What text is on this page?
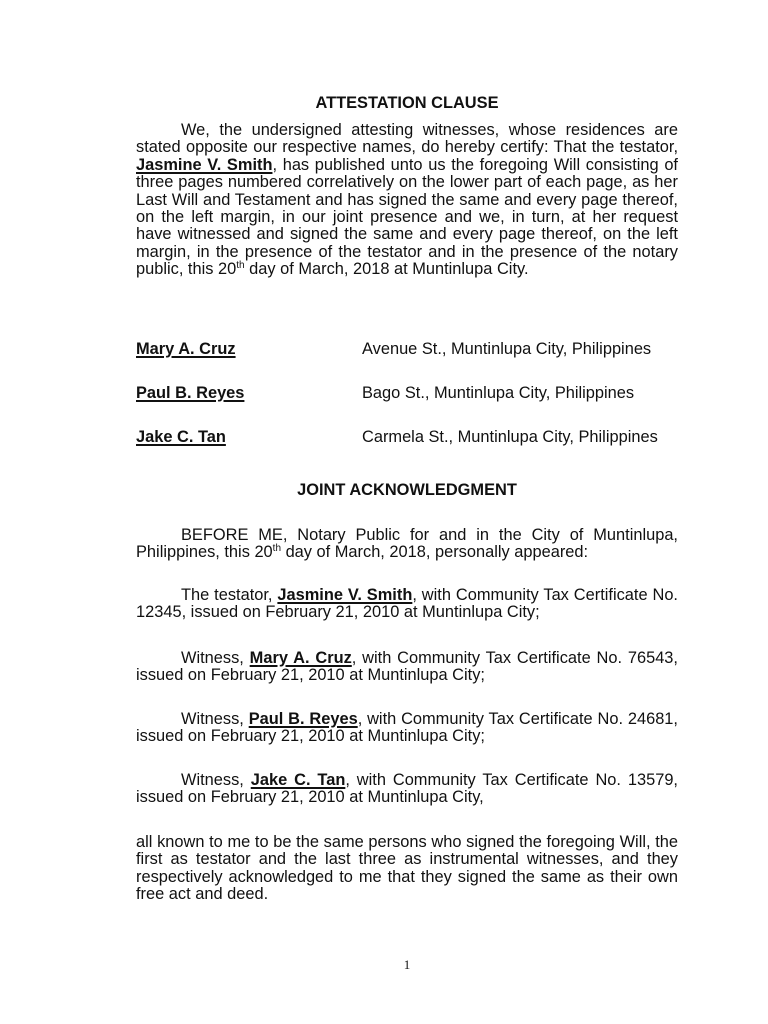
ATTESTATION CLAUSE

We, the undersigned attesting witnesses, whose residences are stated opposite our respective names, do hereby certify: That the testator, Jasmine V. Smith, has published unto us the foregoing Will consisting of three pages numbered correlatively on the lower part of each page, as her Last Will and Testament and has signed the same and every page thereof, on the left margin, in our joint presence and we, in turn, at her request have witnessed and signed the same and every page thereof, on the left margin, in the presence of the testator and in the presence of the notary public, this 20th day of March, 2018 at Muntinlupa City.

Mary A. Cruz	Avenue St., Muntinlupa City, Philippines
Paul B. Reyes	Bago St., Muntinlupa City, Philippines
Jake C. Tan	Carmela St., Muntinlupa City, Philippines
JOINT ACKNOWLEDGMENT

BEFORE ME, Notary Public for and in the City of Muntinlupa, Philippines, this 20th day of March, 2018, personally appeared:

The testator, Jasmine V. Smith, with Community Tax Certificate No. 12345, issued on February 21, 2010 at Muntinlupa City;

Witness, Mary A. Cruz, with Community Tax Certificate No. 76543, issued on February 21, 2010 at Muntinlupa City;

Witness, Paul B. Reyes, with Community Tax Certificate No. 24681, issued on February 21, 2010 at Muntinlupa City;

Witness, Jake C. Tan, with Community Tax Certificate No. 13579, issued on February 21, 2010 at Muntinlupa City,

all known to me to be the same persons who signed the foregoing Will, the first as testator and the last three as instrumental witnesses, and they respectively acknowledged to me that they signed the same as their own free act and deed.

1
